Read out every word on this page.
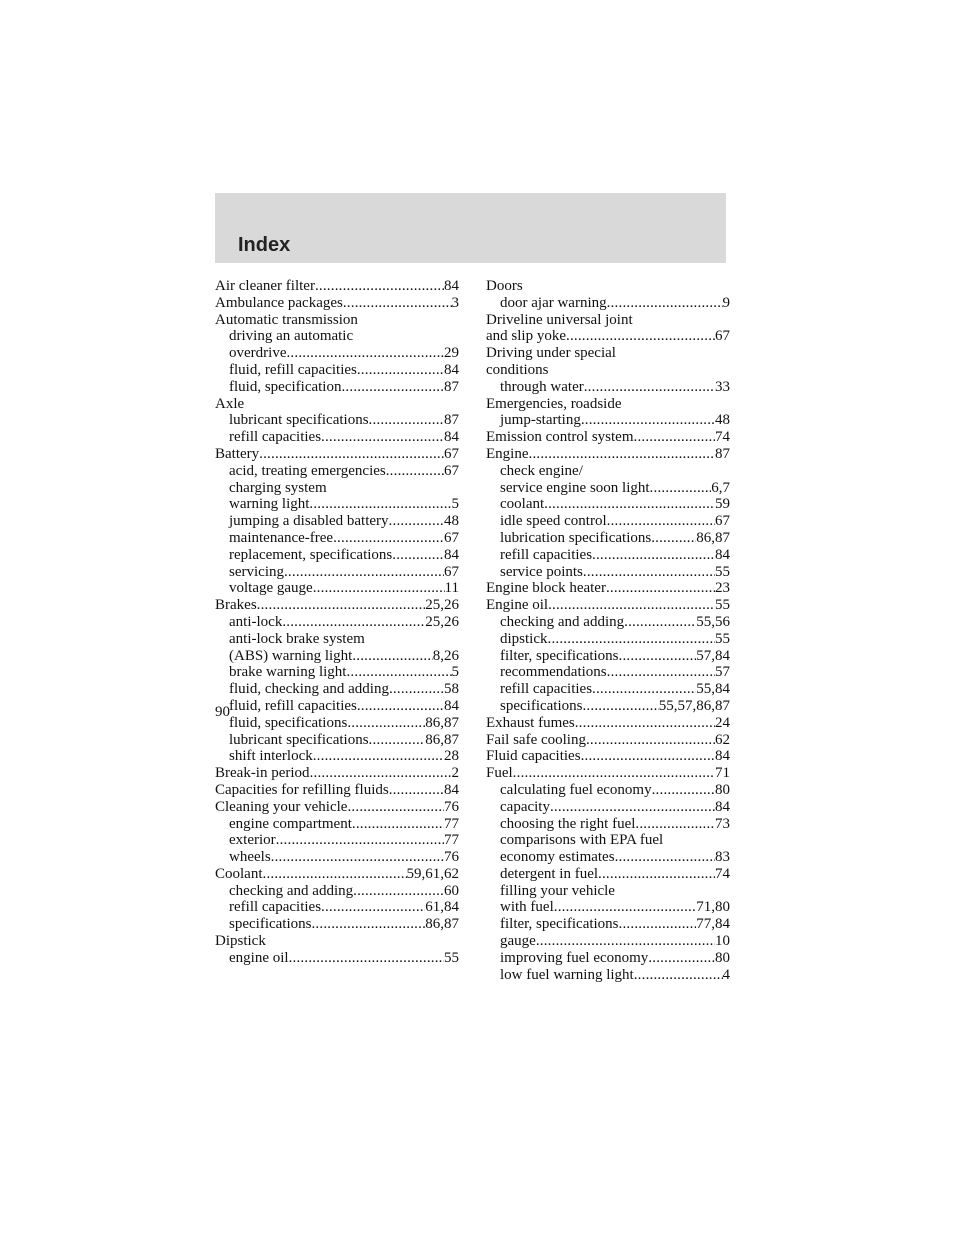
Index
Air cleaner filter .....	84
Ambulance packages .....	3
Automatic transmission
driving an automatic
overdrive .....	29
fluid, refill capacities .....	84
fluid, specification .....	87
Axle
lubricant specifications .....	87
refill capacities .....	84
Battery .....	67
acid, treating emergencies .....	67
charging system
warning light .....	5
jumping a disabled battery .....	48
maintenance-free .....	67
replacement, specifications .....	84
servicing .....	67
voltage gauge .....	11
Brakes .....	25,26
anti-lock .....	25,26
anti-lock brake system
(ABS) warning light .....	8,26
brake warning light .....	5
fluid, checking and adding .....	58
fluid, refill capacities .....	84
fluid, specifications .....	86,87
lubricant specifications .....	86,87
shift interlock .....	28
Break-in period .....	2
Capacities for refilling fluids .....	84
Cleaning your vehicle .....	76
engine compartment .....	77
exterior .....	77
wheels .....	76
Coolant .....	59,61,62
checking and adding .....	60
refill capacities .....	61,84
specifications .....	86,87
Dipstick
engine oil .....	55
Doors
door ajar warning .....	9
Driveline universal joint
and slip yoke .....	67
Driving under special
conditions
through water .....	33
Emergencies, roadside
jump-starting .....	48
Emission control system .....	74
Engine .....	87
check engine/
service engine soon light .....	6,7
coolant .....	59
idle speed control .....	67
lubrication specifications .....	86,87
refill capacities .....	84
service points .....	55
Engine block heater .....	23
Engine oil .....	55
checking and adding .....	55,56
dipstick .....	55
filter, specifications .....	57,84
recommendations .....	57
refill capacities .....	55,84
specifications .....	55,57,86,87
Exhaust fumes .....	24
Fail safe cooling .....	62
Fluid capacities .....	84
Fuel .....	71
calculating fuel economy .....	80
capacity .....	84
choosing the right fuel .....	73
comparisons with EPA fuel
economy estimates .....	83
detergent in fuel .....	74
filling your vehicle
with fuel .....	71,80
filter, specifications .....	77,84
gauge .....	10
improving fuel economy .....	80
low fuel warning light .....	4
90
